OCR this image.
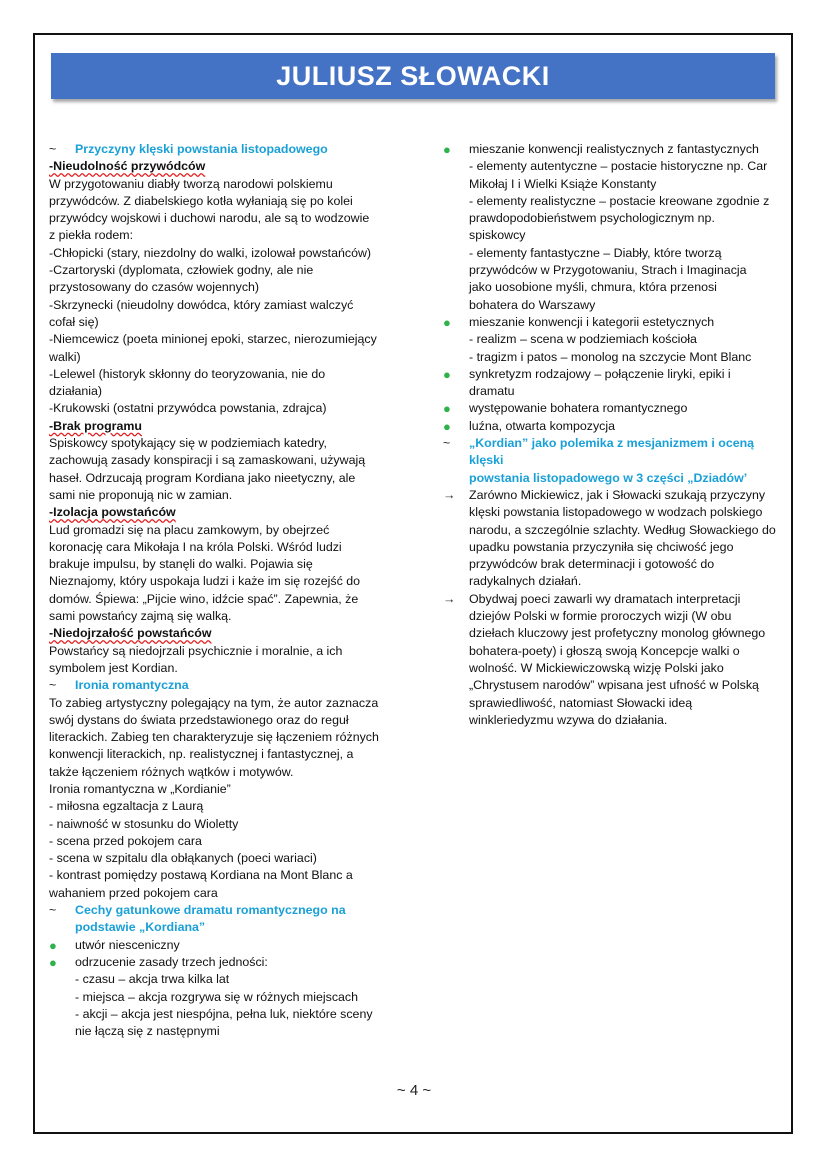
JULIUSZ SŁOWACKI
~	Przyczyny klęski powstania listopadowego
-Nieudolność przywódców
W przygotowaniu diabły tworzą narodowi polskiemu
przywódców. Z diabelskiego kotła wyłaniają się po kolei
przywódcy wojskowi i duchowi narodu, ale są to wodzowie
z piekła rodem:
-Chłopicki (stary, niezdolny do walki, izolował powstańców)
-Czartoryski (dyplomata, człowiek godny, ale nie
przystosowany do czasów wojennych)
-Skrzynecki (nieudolny dowódca, który zamiast walczyć
cofał się)
-Niemcewicz (poeta minionej epoki, starzec, nierozumiejący
walki)
-Lelewel (historyk skłonny do teoryzowania, nie do
działania)
-Krukowski (ostatni przywódca powstania, zdrajca)
-Brak programu
Spiskowcy spotykający się w podziemiach katedry,
zachowują zasady konspiracji i są zamaskowani, używają
haseł. Odrzucają program Kordiana jako nieetyczny, ale
sami nie proponują nic w zamian.
-Izolacja powstańców
Lud gromadzi się na placu zamkowym, by obejrzeć
koronację cara Mikołaja I na króla Polski. Wśród ludzi
brakuje impulsu, by stanęli do walki. Pojawia się
Nieznajomy, który uspokaja ludzi i każe im się rozejść do
domów. Śpiewa: „Pijcie wino, idźcie spać”. Zapewnia, że
sami powstańcy zajmą się walką.
-Niedojrzałość powstańców
Powstańcy są niedojrzali psychicznie i moralnie, a ich
symbolem jest Kordian.
~	Ironia romantyczna
To zabieg artystyczny polegający na tym, że autor zaznacza
swój dystans do świata przedstawionego oraz do reguł
literackich. Zabieg ten charakteryzuje się łączeniem różnych
konwencji literackich, np. realistycznej i fantastycznej, a
także łączeniem różnych wątków i motywów.
Ironia romantyczna w „Kordianie”
- miłosna egzaltacja z Laurą
- naiwność w stosunku do Wioletty
- scena przed pokojem cara
- scena w szpitalu dla obłąkanych (poeci wariaci)
- kontrast pomiędzy postawą Kordiana na Mont Blanc a
wahaniem przed pokojem cara
~	Cechy gatunkowe dramatu romantycznego na
podstawie „Kordiana”
●	utwór niesceniczny
●	odrzucenie zasady trzech jedności:
- czasu – akcja trwa kilka lat
- miejsca – akcja rozgrywa się w różnych miejscach
- akcji – akcja jest niespójna, pełna luk, niektóre sceny
nie łączą się z następnymi
●	mieszanie konwencji realistycznych z fantastycznych
- elementy autentyczne – postacie historyczne np. Car
Mikołaj I i Wielki Książe Konstanty
- elementy realistyczne – postacie kreowane zgodnie z
prawdopodobieństwem psychologicznym np.
spiskowcy
- elementy fantastyczne – Diabły, które tworzą
przywódców w Przygotowaniu, Strach i Imaginacja
jako uosobione myśli, chmura, która przenosi
bohatera do Warszawy
●	mieszanie konwencji i kategorii estetycznych
- realizm – scena w podziemiach kościoła
- tragizm i patos – monolog na szczycie Mont Blanc
●	synkretyzm rodzajowy – połączenie liryki, epiki i
dramatu
●	występowanie bohatera romantycznego
●	luźna, otwarta kompozycja
~	„Kordian” jako polemika z mesjanizmem i oceną klęski
powstania listopadowego w 3 części „Dziadów’
→	Zarówno Mickiewicz, jak i Słowacki szukają przyczyny
klęski powstania listopadowego w wodzach polskiego
narodu, a szczególnie szlachty. Według Słowackiego do
upadku powstania przyczyniła się chciwość jego
przywódców brak determinacji i gotowość do
radykalnych działań.
→	Obydwaj poeci zawarli wy dramatach interpretacji
dziejów Polski w formie proroczych wizji (W obu
dziełach kluczowy jest profetyczny monolog głównego
bohatera-poety) i głoszą swoją Koncepcje walki o
wolność. W Mickiewiczowską wizję Polski jako
„Chrystusem narodów” wpisana jest ufność w Polską
sprawiedliwość, natomiast Słowacki ideą
winkleriedyzmu wzywa do działania.
~ 4 ~
